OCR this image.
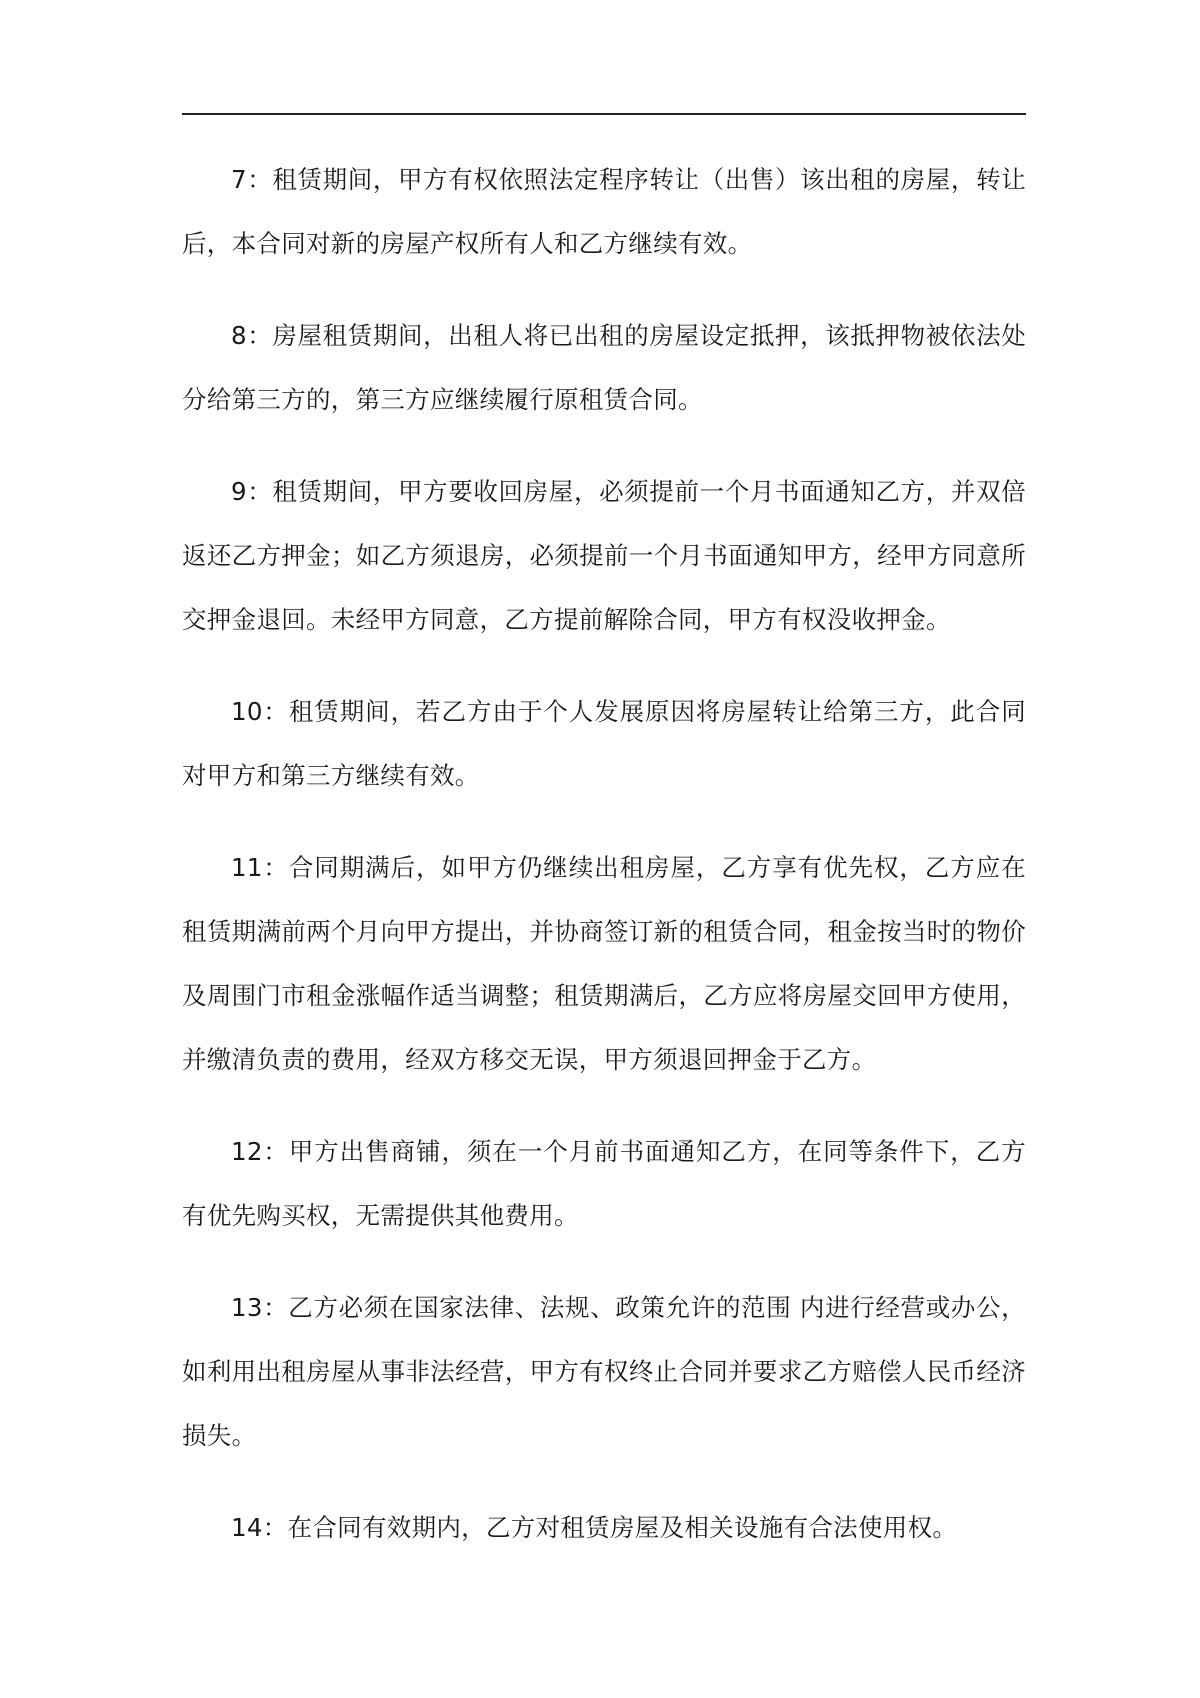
7：租赁期间，甲方有权依照法定程序转让（出售）该出租的房屋，转让后，本合同对新的房屋产权所有人和乙方继续有效。

8：房屋租赁期间，出租人将已出租的房屋设定抵押，该抵押物被依法处分给第三方的，第三方应继续履行原租赁合同。

9：租赁期间，甲方要收回房屋，必须提前一个月书面通知乙方，并双倍返还乙方押金；如乙方须退房，必须提前一个月书面通知甲方，经甲方同意所交押金退回。未经甲方同意，乙方提前解除合同，甲方有权没收押金。

10：租赁期间，若乙方由于个人发展原因将房屋转让给第三方，此合同对甲方和第三方继续有效。

11：合同期满后，如甲方仍继续出租房屋，乙方享有优先权，乙方应在租赁期满前两个月向甲方提出，并协商签订新的租赁合同，租金按当时的物价及周围门市租金涨幅作适当调整；租赁期满后，乙方应将房屋交回甲方使用，并缴清负责的费用，经双方移交无误，甲方须退回押金于乙方。

12：甲方出售商铺，须在一个月前书面通知乙方，在同等条件下，乙方有优先购买权，无需提供其他费用。

13：乙方必须在国家法律、法规、政策允许的范围 内进行经营或办公，如利用出租房屋从事非法经营，甲方有权终止合同并要求乙方赔偿人民币经济损失。

14：在合同有效期内，乙方对租赁房屋及相关设施有合法使用权。
